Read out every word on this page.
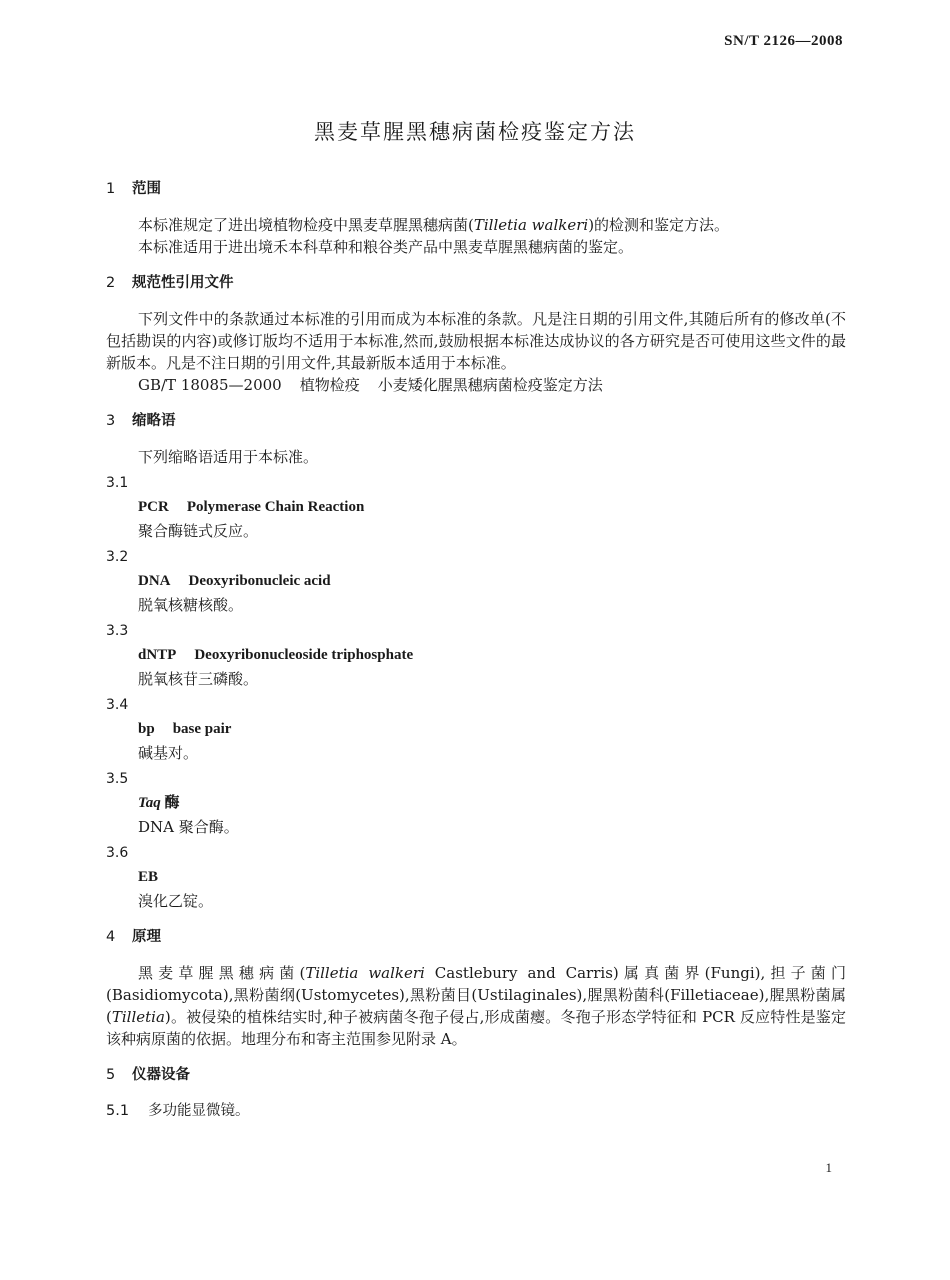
SN/T 2126—2008
黑麦草腥黑穗病菌检疫鉴定方法
1 范围

本标准规定了进出境植物检疫中黑麦草腥黑穗病菌(Tilletia walkeri)的检测和鉴定方法。

本标准适用于进出境禾本科草种和粮谷类产品中黑麦草腥黑穗病菌的鉴定。

2 规范性引用文件

下列文件中的条款通过本标准的引用而成为本标准的条款。凡是注日期的引用文件,其随后所有的修改单(不包括勘误的内容)或修订版均不适用于本标准,然而,鼓励根据本标准达成协议的各方研究是否可使用这些文件的最新版本。凡是不注日期的引用文件,其最新版本适用于本标准。

GB/T 18085—2000 植物检疫 小麦矮化腥黑穗病菌检疫鉴定方法

3 缩略语

下列缩略语适用于本标准。

3.1
PCR Polymerase Chain Reaction
聚合酶链式反应。
3.2
DNA Deoxyribonucleic acid
脱氧核糖核酸。
3.3
dNTP Deoxyribonucleoside triphosphate
脱氧核苷三磷酸。
3.4
bp base pair
碱基对。
3.5
Taq 酶
DNA 聚合酶。
3.6
EB
溴化乙锭。
4 原理

黑麦草腥黑穗病菌(Tilletia walkeri Castlebury and Carris)属真菌界(Fungi),担子菌门(Basidiomycota),黑粉菌纲(Ustomycetes),黑粉菌目(Ustilaginales),腥黑粉菌科(Filletiaceae),腥黑粉菌属(Tilletia)。被侵染的植株结实时,种子被病菌冬孢子侵占,形成菌瘿。冬孢子形态学特征和 PCR 反应特性是鉴定该种病原菌的依据。地理分布和寄主范围参见附录 A。

5 仪器设备
5.1 多功能显微镜。
1
